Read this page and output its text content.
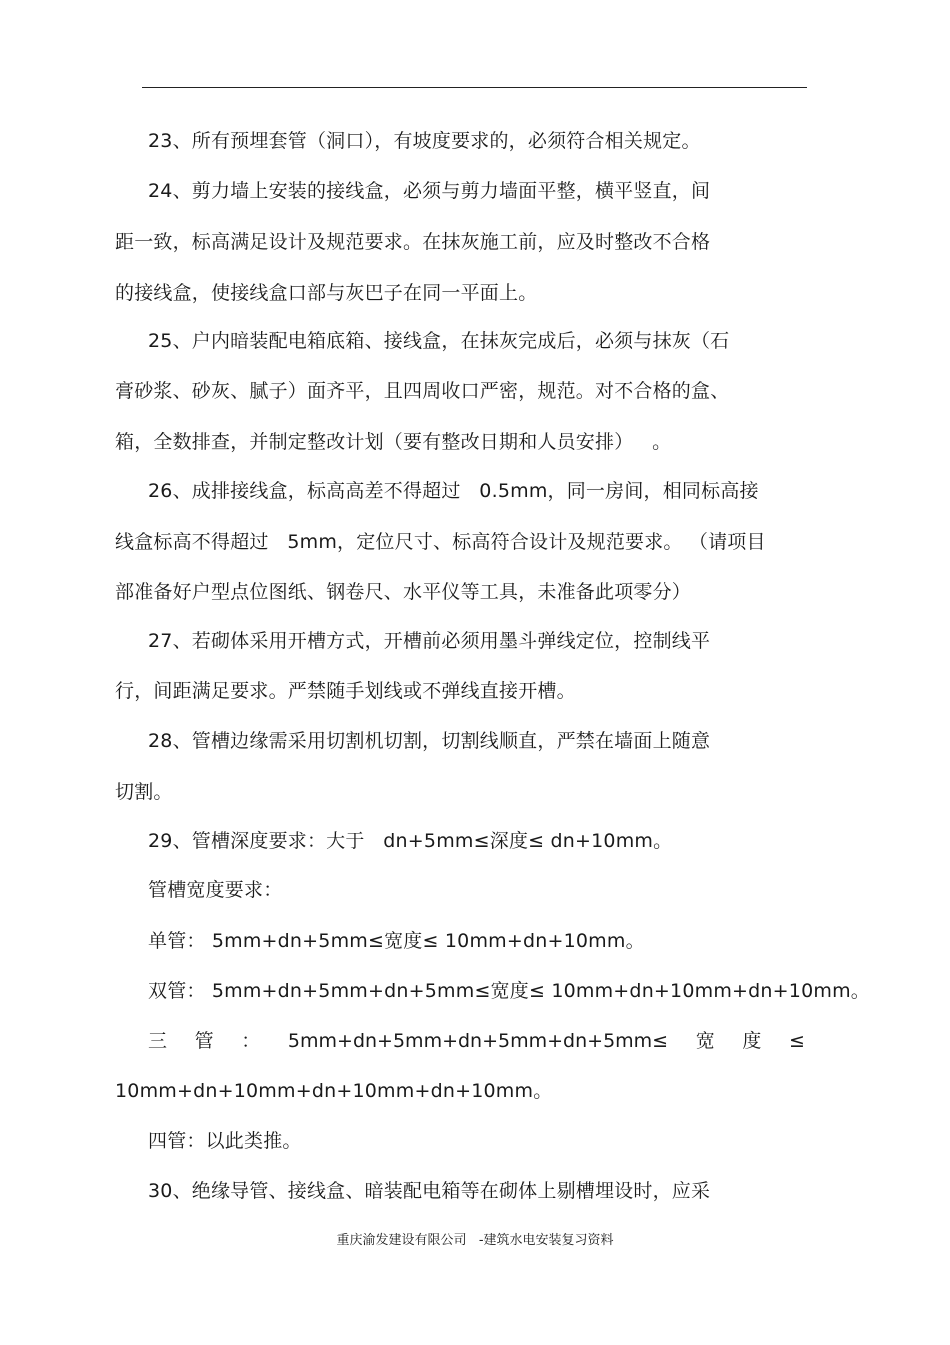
23、所有预埋套管（洞口），有坡度要求的，必须符合相关规定。
24、剪力墙上安装的接线盒，必须与剪力墙面平整，横平竖直，间
距一致，标高满足设计及规范要求。在抹灰施工前，应及时整改不合格
的接线盒，使接线盒口部与灰巴子在同一平面上。
25、户内暗装配电箱底箱、接线盒，在抹灰完成后，必须与抹灰（石
膏砂浆、砂灰、腻子）面齐平，且四周收口严密，规范。对不合格的盒、
箱，全数排查，并制定整改计划（要有整改日期和人员安排）   。
26、成排接线盒，标高高差不得超过   0.5mm，同一房间，相同标高接
线盒标高不得超过   5mm，定位尺寸、标高符合设计及规范要求。 （请项目
部准备好户型点位图纸、钢卷尺、水平仪等工具，未准备此项零分）
27、若砌体采用开槽方式，开槽前必须用墨斗弹线定位，控制线平
行，间距满足要求。严禁随手划线或不弹线直接开槽。
28、管槽边缘需采用切割机切割，切割线顺直，严禁在墙面上随意
切割。
29、管槽深度要求：大于   dn+5mm≤深度≤ dn+10mm。
管槽宽度要求：
单管： 5mm+dn+5mm≤宽度≤ 10mm+dn+10mm。
双管： 5mm+dn+5mm+dn+5mm≤宽度≤ 10mm+dn+10mm+dn+10mm。
三 管 ： 5mm+dn+5mm+dn+5mm+dn+5mm≤ 宽 度 ≤
10mm+dn+10mm+dn+10mm+dn+10mm。
四管：以此类推。
30、绝缘导管、接线盒、暗装配电箱等在砌体上剔槽埋设时，应采
重庆渝发建设有限公司   -建筑水电安装复习资料
